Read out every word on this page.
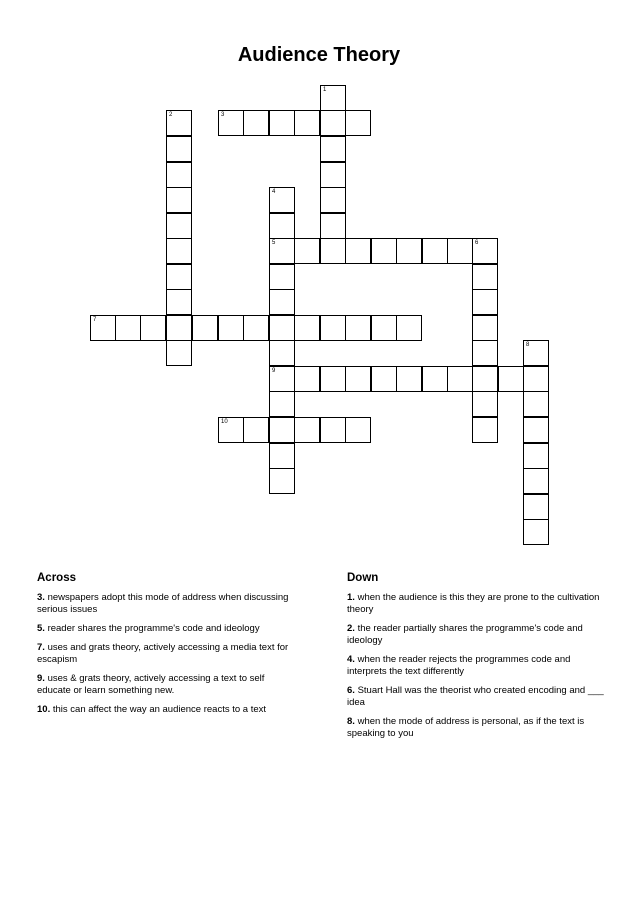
Audience Theory
1
2	3
4
5	6
7
8
9
10
Across
3. newspapers adopt this mode of address when discussing serious issues
5. reader shares the programme's code and ideology
7. uses and grats theory, actively accessing a media text for escapism
9. uses & grats theory, actively accessing a text to self educate or learn something new.
10. this can affect the way an audience reacts to a text
Down
1. when the audience is this they are prone to the cultivation theory
2. the reader partially shares the programme's code and ideology
4. when the reader rejects the programmes code and interprets the text differently
6. Stuart Hall was the theorist who created encoding and ___ idea
8. when the mode of address is personal, as if the text is speaking to you
